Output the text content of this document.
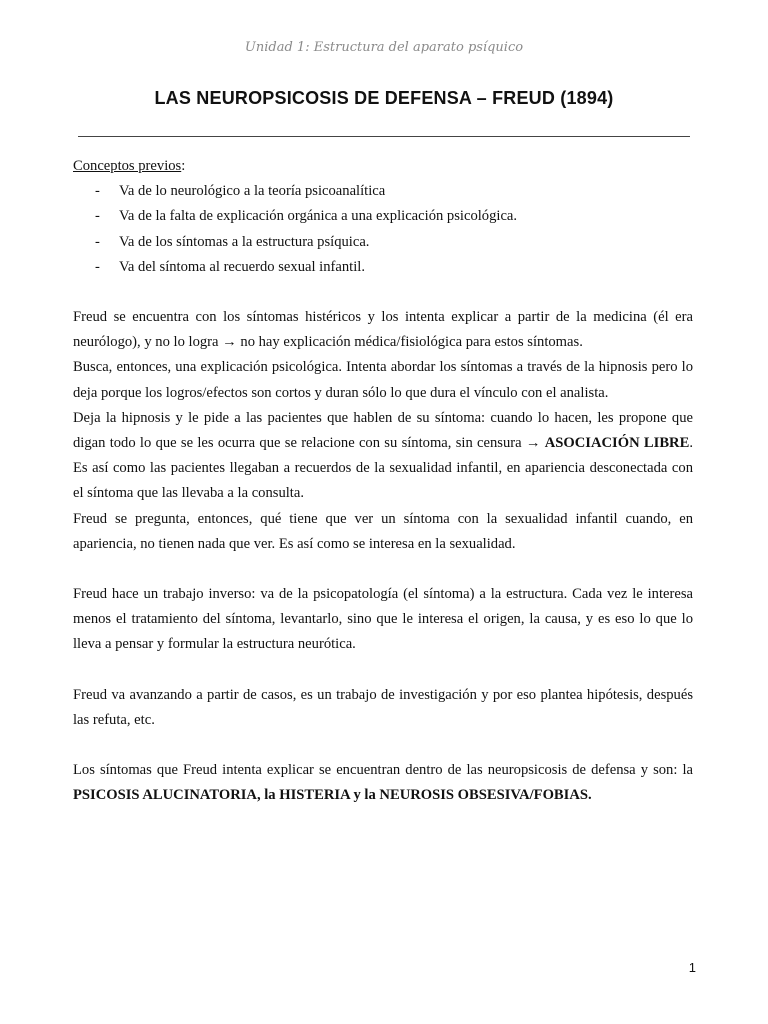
Unidad 1: Estructura del aparato psíquico
LAS NEUROPSICOSIS DE DEFENSA – FREUD (1894)
Conceptos previos:
- Va de lo neurológico a la teoría psicoanalítica
- Va de la falta de explicación orgánica a una explicación psicológica.
- Va de los síntomas a la estructura psíquica.
- Va del síntoma al recuerdo sexual infantil.

Freud se encuentra con los síntomas histéricos y los intenta explicar a partir de la medicina (él era neurólogo), y no lo logra → no hay explicación médica/fisiológica para estos síntomas.

Busca, entonces, una explicación psicológica. Intenta abordar los síntomas a través de la hipnosis pero lo deja porque los logros/efectos son cortos y duran sólo lo que dura el vínculo con el analista.

Deja la hipnosis y le pide a las pacientes que hablen de su síntoma: cuando lo hacen, les propone que digan todo lo que se les ocurra que se relacione con su síntoma, sin censura → ASOCIACIÓN LIBRE. Es así como las pacientes llegaban a recuerdos de la sexualidad infantil, en apariencia desconectada con el síntoma que las llevaba a la consulta.

Freud se pregunta, entonces, qué tiene que ver un síntoma con la sexualidad infantil cuando, en apariencia, no tienen nada que ver. Es así como se interesa en la sexualidad.

Freud hace un trabajo inverso: va de la psicopatología (el síntoma) a la estructura. Cada vez le interesa menos el tratamiento del síntoma, levantarlo, sino que le interesa el origen, la causa, y es eso lo que lo lleva a pensar y formular la estructura neurótica.

Freud va avanzando a partir de casos, es un trabajo de investigación y por eso plantea hipótesis, después las refuta, etc.

Los síntomas que Freud intenta explicar se encuentran dentro de las neuropsicosis de defensa y son: la PSICOSIS ALUCINATORIA, la HISTERIA y la NEUROSIS OBSESIVA/FOBIAS.

1
